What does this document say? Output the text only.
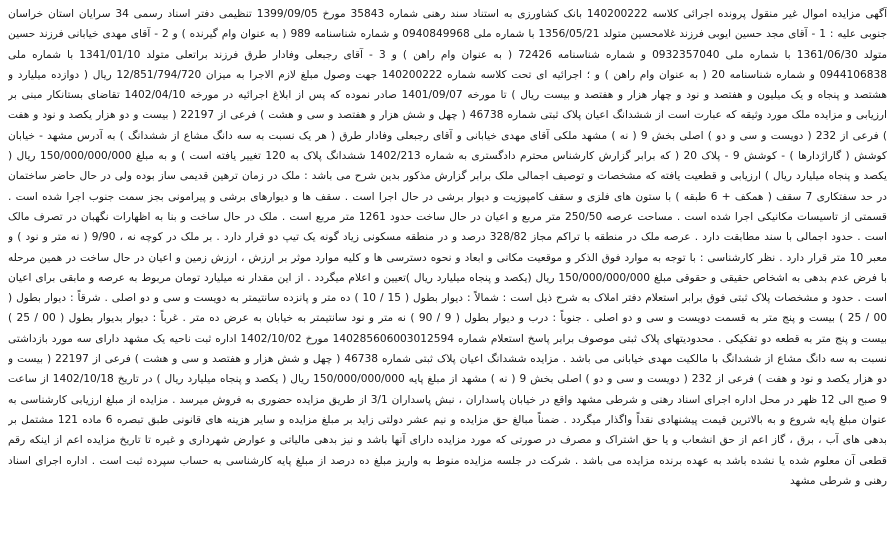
آگهی مزایده اموال غیر منقول پرونده اجرائی کلاسه 140200222 بانک کشاورزی به استناد سند رهنی شماره 35843 مورخ 1399/09/05 تنظیمی دفتر اسناد رسمی 34 سرایان استان خراسان جنوبی علیه : 1 - آقای مجد حسین ایوبی فرزند غلامحسین متولد 1356/05/21 با شماره ملی 0940849968 و شماره شناسنامه 989 ( به عنوان وام گیرنده ) و 2 - آقای مهدی خیابانی فرزند حسین متولد 1361/06/30 با شماره ملی 0932357040 و شماره شناسنامه 72426 ( به عنوان وام راهن ) و 3 - آقای رجبعلی وفادار طرق فرزند براتعلی متولد 1341/01/10 با شماره ملی 0944106838 و شماره شناسنامه 20 ( به عنوان وام راهن ) و ؛ اجرائیه ای تحت کلاسه شماره 140200222 جهت وصول مبلغ لازم الاجرا به میزان 12/851/794/720 ریال ( دوازده میلیارد و هشتصد و پنجاه و یک میلیون و هفتصد و نود و چهار هزار و هفتصد و بیست ریال ) تا مورخه 1401/09/07 صادر نموده که پس از ابلاغ اجرائیه در مورخه 1402/04/10 تقاضای بستانکار مبنی بر ارزیابی و مزایده ملک مورد وثیقه که عبارت است از ششدانگ اعیان پلاک ثبتی شماره 46738 ( چهل و شش هزار و هفتصد و سی و هشت ) فرعی از 22197 ( بیست و دو هزار یکصد و نود و هفت ) فرعی از 232 ( دویست و سی و دو ) اصلی بخش 9 ( نه ) مشهد ملکی آقای مهدی خیابانی و آقای رجبعلی وفادار طرق ( هر یک نسبت به سه دانگ مشاع از ششدانگ ) به آدرس مشهد - خیابان کوشش ( گاراژدارها ) - کوشش 9 - پلاک 20 ( که برابر گزارش کارشناس محترم دادگستری به شماره 1402/213 ششدانگ پلاک به 120 تغییر یافته است ) و به مبلغ 150/000/000/000 ریال ( یکصد و پنجاه میلیارد ریال ) ارزیابی و قطعیت یافته که مشخصات و توصیف اجمالی ملک برابر گزارش مذکور بدین شرح می باشد : ملک در زمان ترهین قدیمی ساز بوده ولی در حال حاضر ساختمان در حد سفتکاری 7 سقف ( همکف + 6 طبقه ) با ستون های فلزی و سقف کامپوزیت و دیوار برشی در حال اجرا است . سقف ها و دیوارهای برشی و پیرامونی بجز سمت جنوب اجرا شده است . قسمتی از تاسیسات مکانیکی اجرا شده است . مساحت عرصه 250/50 متر مربع و اعیان در حال ساخت حدود 1261 متر مربع است . ملک در حال ساخت و بنا به اظهارات نگهبان در تصرف مالک است . حدود اجمالی با سند مطابقت دارد . عرصه ملک در منطقه با تراکم مجاز 328/82 درصد و در منطقه مسکونی زیاد گونه یک تیپ دو قرار دارد . بر ملک در کوچه نه ، 9/90 ( نه متر و نود ) و معبر 10 متر قرار دارد . نظر کارشناسی : با توجه به موارد فوق الذکر و موقعیت مکانی و ابعاد و نحوه دسترسی ها و کلیه موارد موثر بر ارزش ، ارزش زمین و اعیان در حال ساخت در همین مرحله با فرض عدم بدهی به اشخاص حقیقی و حقوقی مبلغ 150/000/000/000 ریال (یکصد و پنجاه میلیارد ریال )تعیین و اعلام میگردد . از این مقدار نه میلیارد تومان مربوط به عرصه و مابقی برای اعیان است . حدود و مشخصات پلاک ثبتی فوق برابر استعلام دفتر املاک به شرح ذیل است : شمالاً : دیوار بطول ( 15 / 10 ) ده متر و پانزده سانتیمتر به دویست و سی و دو اصلی . شرقاً : دیوار بطول ( 00 / 25 ) بیست و پنج متر به قسمت دویست و سی و دو اصلی . جنوباً : درب و دیوار بطول ( 9 / 90 ) نه متر و نود سانتیمتر به خیابان به عرض ده متر . غرباً : دیوار بدیوار بطول ( 00 / 25 ) بیست و پنج متر به قطعه دو تفکیکی . محدودیتهای پلاک ثبتی موصوف برابر پاسخ استعلام شماره 140285606003012594 مورخ 1402/10/02 اداره ثبت ناحیه یک مشهد دارای سه مورد بازداشتی نسبت به سه دانگ مشاع از ششدانگ با مالکیت مهدی خیابانی می باشد . مزایده ششدانگ اعیان پلاک ثبتی شماره 46738 ( چهل و شش هزار و هفتصد و سی و هشت ) فرعی از 22197 ( بیست و دو هزار یکصد و نود و هفت ) فرعی از 232 ( دویست و سی و دو ) اصلی بخش 9 ( نه ) مشهد از مبلغ پایه 150/000/000/000 ریال ( یکصد و پنجاه میلیارد ریال ) در تاریخ 1402/10/18 از ساعت 9 صبح الی 12 ظهر در محل اداره اجرای اسناد رهنی و شرطی مشهد واقع در خیابان پاسداران ، نبش پاسداران 3/1 از طریق مزایده حضوری به فروش میرسد . مزایده از مبلغ ارزیابی کارشناسی به عنوان مبلغ پایه شروع و به بالاترین قیمت پیشنهادی نقداً واگذار میگردد . ضمناً مبالغ حق مزایده و نیم عشر دولتی زاید بر مبلغ مزایده و سایر هزینه های قانونی طبق تبصره 6 ماده 121 مشتمل بر بدهی های آب ، برق ، گاز اعم از حق انشعاب و یا حق اشتراک و مصرف در صورتی که مورد مزایده دارای آنها باشد و نیز بدهی مالیاتی و عوارض شهرداری و غیره تا تاریخ مزایده اعم از اینکه رقم قطعی آن معلوم شده یا نشده باشد به عهده برنده مزایده می باشد . شرکت در جلسه مزایده منوط به واریز مبلغ ده درصد از مبلغ پایه کارشناسی به حساب سپرده ثبت است . اداره اجرای اسناد رهنی و شرطی مشهد
